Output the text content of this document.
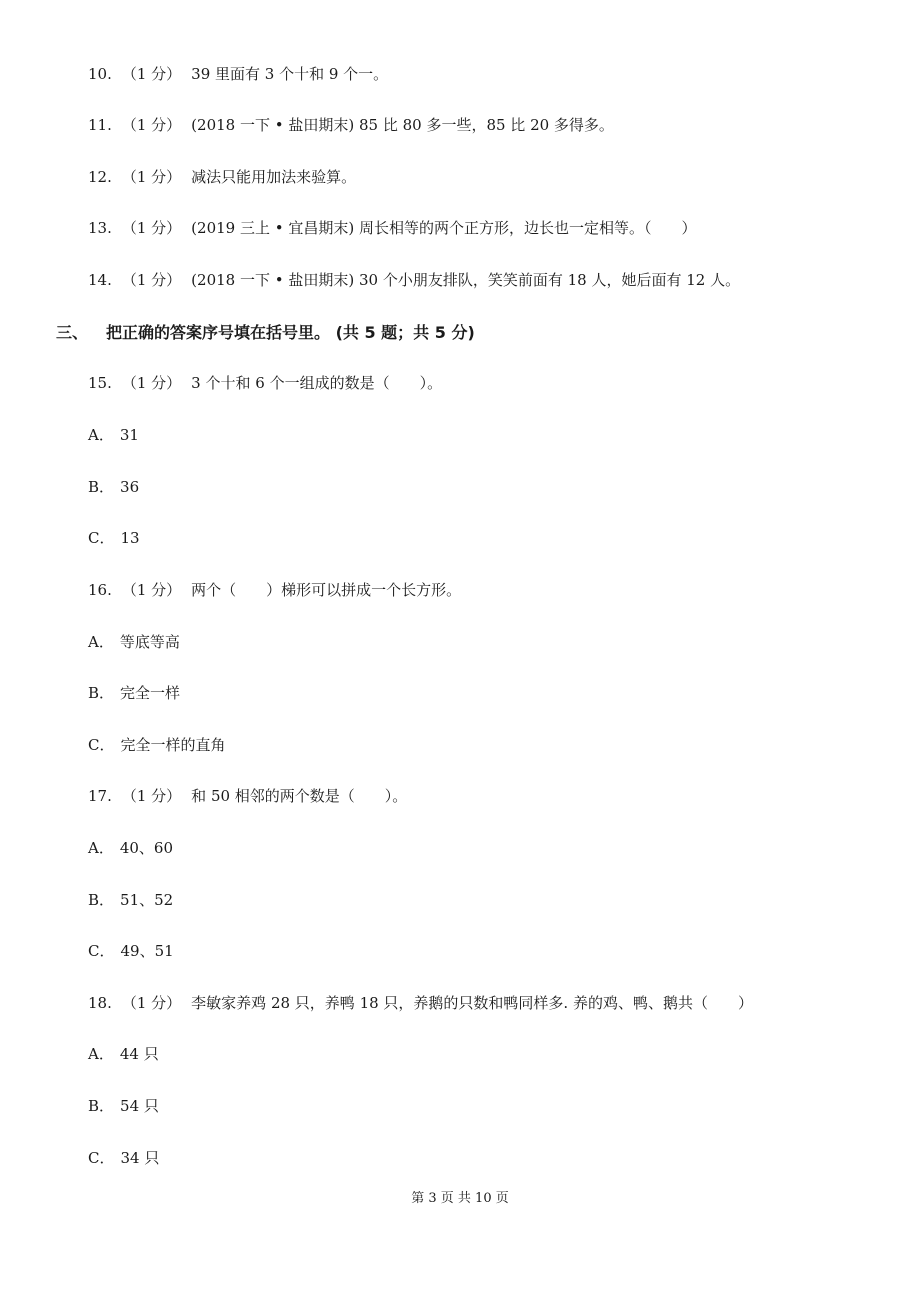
10. （1 分） 39 里面有 3 个十和 9 个一。
11. （1 分） (2018 一下 • 盐田期末) 85 比 80 多一些，85 比 20 多得多。
12. （1 分） 减法只能用加法来验算。
13. （1 分） (2019 三上 • 宜昌期末) 周长相等的两个正方形，边长也一定相等。（　　）
14. （1 分） (2018 一下 • 盐田期末) 30 个小朋友排队，笑笑前面有 18 人，她后面有 12 人。
三、 把正确的答案序号填在括号里。 (共 5 题；共 5 分)
15. （1 分） 3 个十和 6 个一组成的数是（　　）。
A． 31
B． 36
C． 13
16. （1 分） 两个（　　）梯形可以拼成一个长方形。
A． 等底等高
B． 完全一样
C． 完全一样的直角
17. （1 分） 和 50 相邻的两个数是（　　）。
A． 40、60
B． 51、52
C． 49、51
18. （1 分） 李敏家养鸡 28 只，养鸭 18 只，养鹅的只数和鸭同样多. 养的鸡、鸭、鹅共（　　）
A． 44 只
B． 54 只
C． 34 只
第 3 页 共 10 页
